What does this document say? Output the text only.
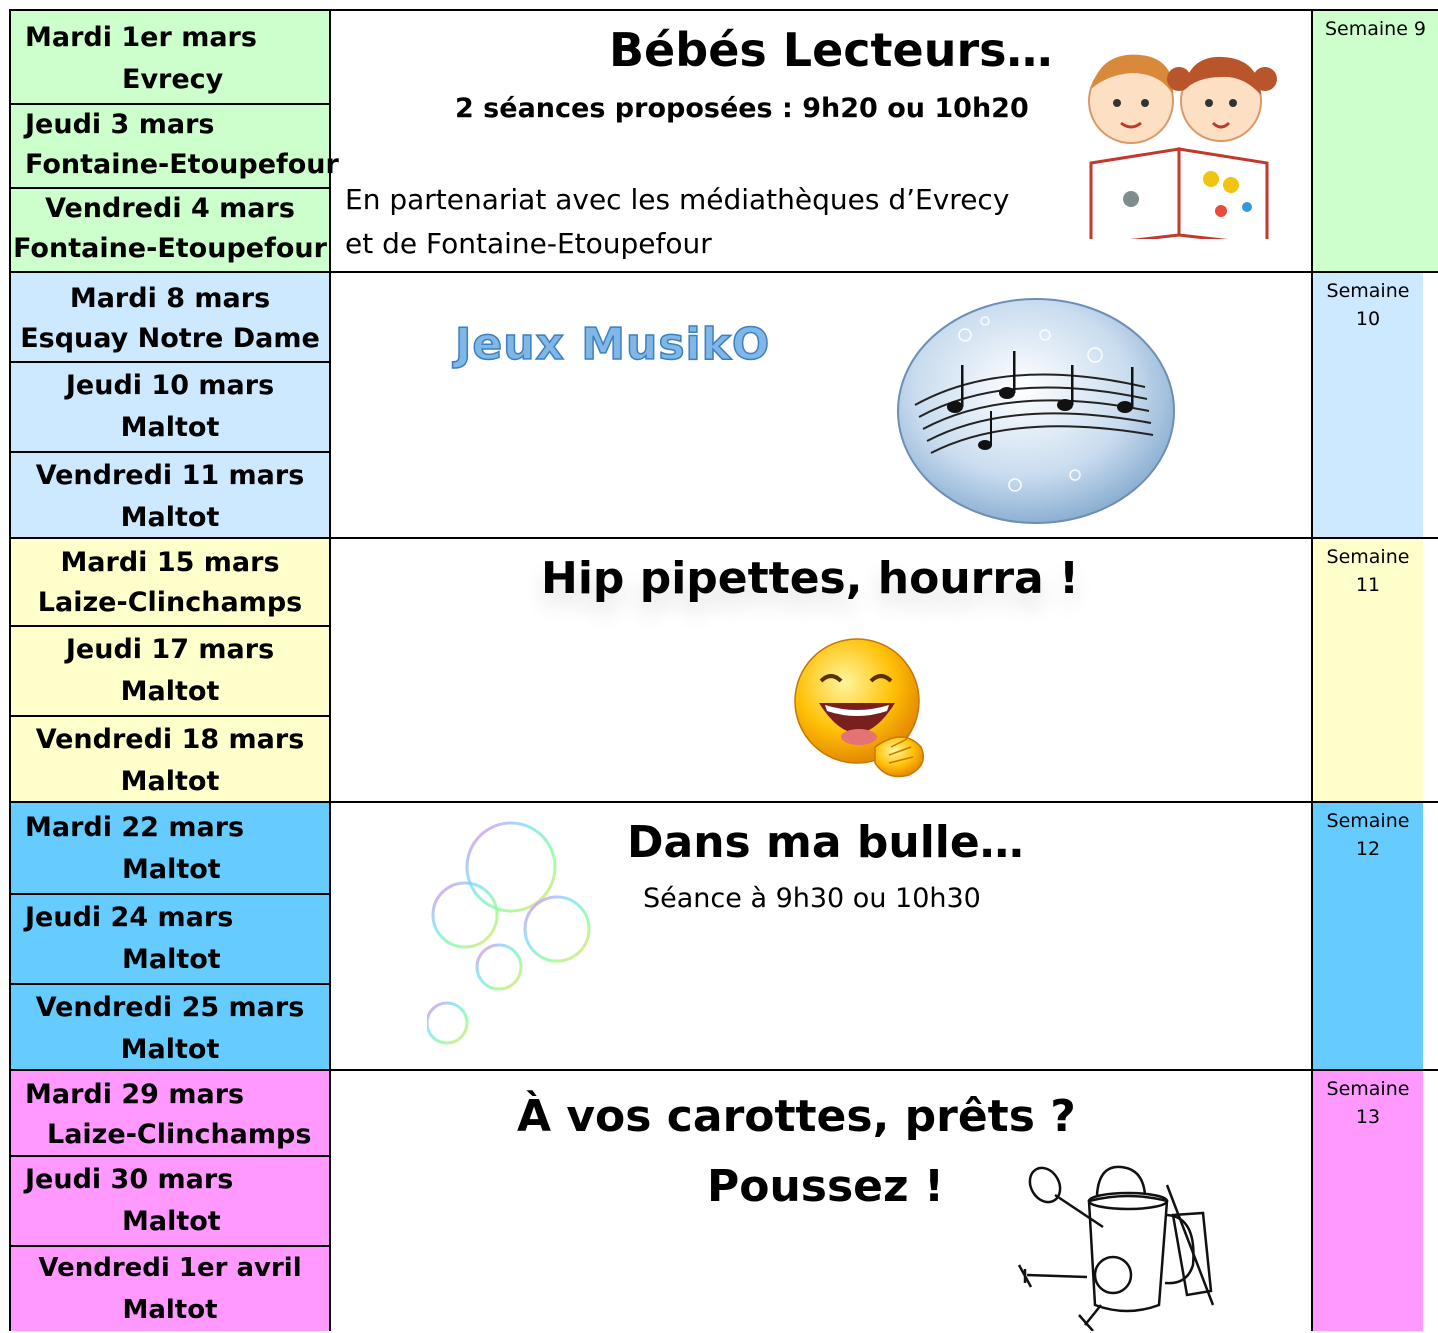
Mardi 1er mars
Evrecy
Jeudi 3 mars
Fontaine-Etoupefour
Vendredi 4 mars
Fontaine-Etoupefour
Bébés Lecteurs…
2 séances proposées : 9h20 ou 10h20
En partenariat avec les médiathèques d’Evrecy
et de Fontaine-Etoupefour
Semaine 9
Mardi 8 mars
Esquay Notre Dame
Jeudi 10 mars
Maltot
Vendredi 11 mars
Maltot
Jeux MusikO
Semaine 10
Mardi 15 mars
Laize-Clinchamps
Jeudi 17 mars
Maltot
Vendredi 18 mars
Maltot
Hip pipettes, hourra !	Semaine 11
Mardi 22 mars
Maltot
Jeudi 24 mars
Maltot
Vendredi 25 mars
Maltot
Dans ma bulle…
Séance à 9h30 ou 10h30
Semaine 12
Mardi 29 mars
Laize-Clinchamps
Jeudi 30 mars
Maltot
Vendredi 1er avril
Maltot
À vos carottes, prêts ?
Poussez !
Semaine 13
